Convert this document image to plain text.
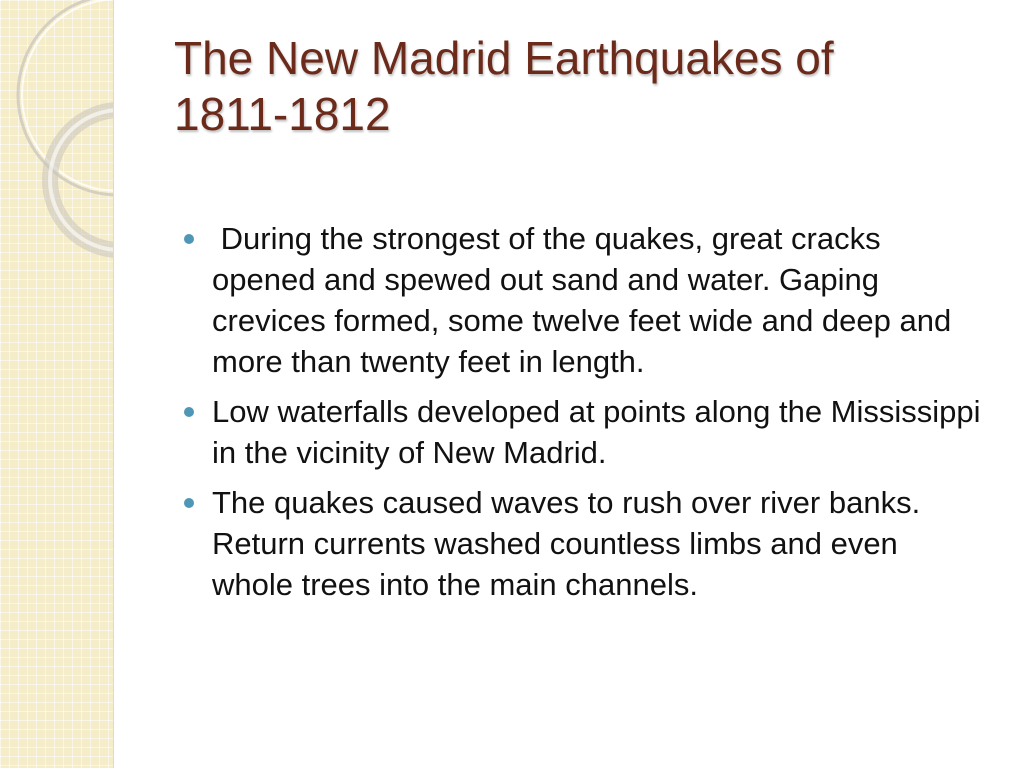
The New Madrid Earthquakes of
1811-1812
During the strongest of the quakes, great cracks  opened and spewed out sand and water. Gaping crevices formed, some twelve feet wide and deep and more than twenty feet in length.
Low waterfalls developed at points along the Mississippi in the vicinity of New Madrid.
The quakes caused waves to rush over river banks. Return currents washed countless limbs and even whole trees into the main channels.
